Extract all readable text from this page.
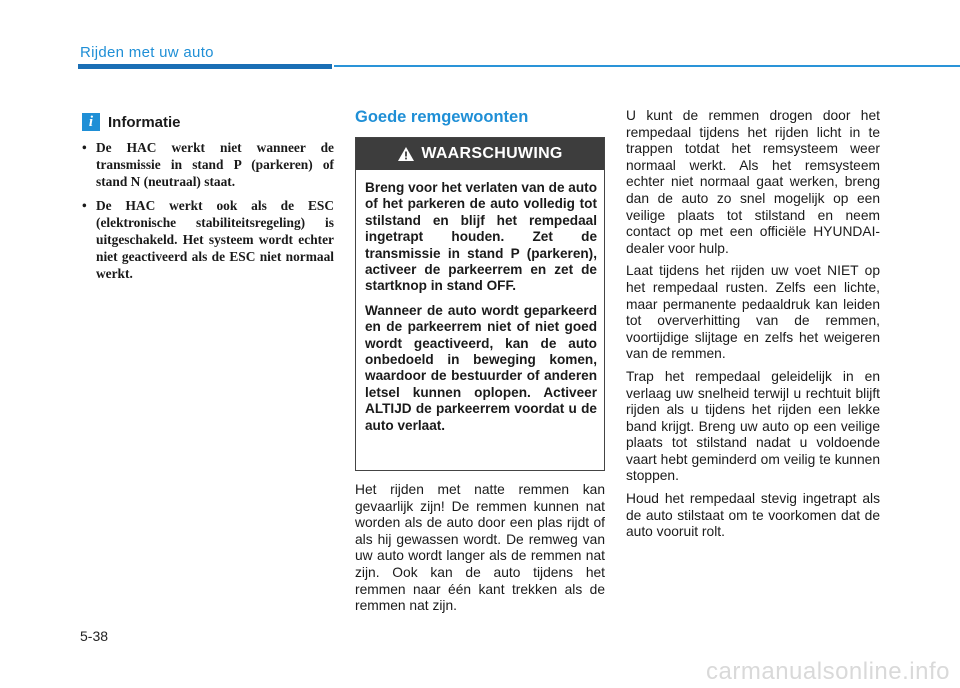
Rijden met uw auto
i Informatie
• De HAC werkt niet wanneer de transmissie in stand P (parkeren) of stand N (neutraal) staat.
• De HAC werkt ook als de ESC (elektronische stabiliteitsregeling) is uitgeschakeld. Het systeem wordt echter niet geactiveerd als de ESC niet normaal werkt.
Goede remgewoonten
WAARSCHUWING

Breng voor het verlaten van de auto of het parkeren de auto volledig tot stilstand en blijf het rempedaal ingetrapt houden. Zet de transmissie in stand P (parkeren), activeer de parkeerrem en zet de startknop in stand OFF.

Wanneer de auto wordt geparkeerd en de parkeerrem niet of niet goed wordt geactiveerd, kan de auto onbedoeld in beweging komen, waardoor de bestuurder of anderen letsel kunnen oplopen. Activeer ALTIJD de parkeerrem voordat u de auto verlaat.

Het rijden met natte remmen kan gevaarlijk zijn! De remmen kunnen nat worden als de auto door een plas rijdt of als hij gewassen wordt. De remweg van uw auto wordt langer als de remmen nat zijn. Ook kan de auto tijdens het remmen naar één kant trekken als de remmen nat zijn.

U kunt de remmen drogen door het rempedaal tijdens het rijden licht in te trappen totdat het remsysteem weer normaal werkt. Als het remsysteem echter niet normaal gaat werken, breng dan de auto zo snel mogelijk op een veilige plaats tot stilstand en neem contact op met een officiële HYUNDAI-dealer voor hulp.

Laat tijdens het rijden uw voet NIET op het rempedaal rusten. Zelfs een lichte, maar permanente pedaaldruk kan leiden tot oververhitting van de remmen, voortijdige slijtage en zelfs het weigeren van de remmen.

Trap het rempedaal geleidelijk in en verlaag uw snelheid terwijl u rechtuit blijft rijden als u tijdens het rijden een lekke band krijgt. Breng uw auto op een veilige plaats tot stilstand nadat u voldoende vaart hebt geminderd om veilig te kunnen stoppen.

Houd het rempedaal stevig ingetrapt als de auto stilstaat om te voorkomen dat de auto vooruit rolt.

5-38
carmanualsonline.info
